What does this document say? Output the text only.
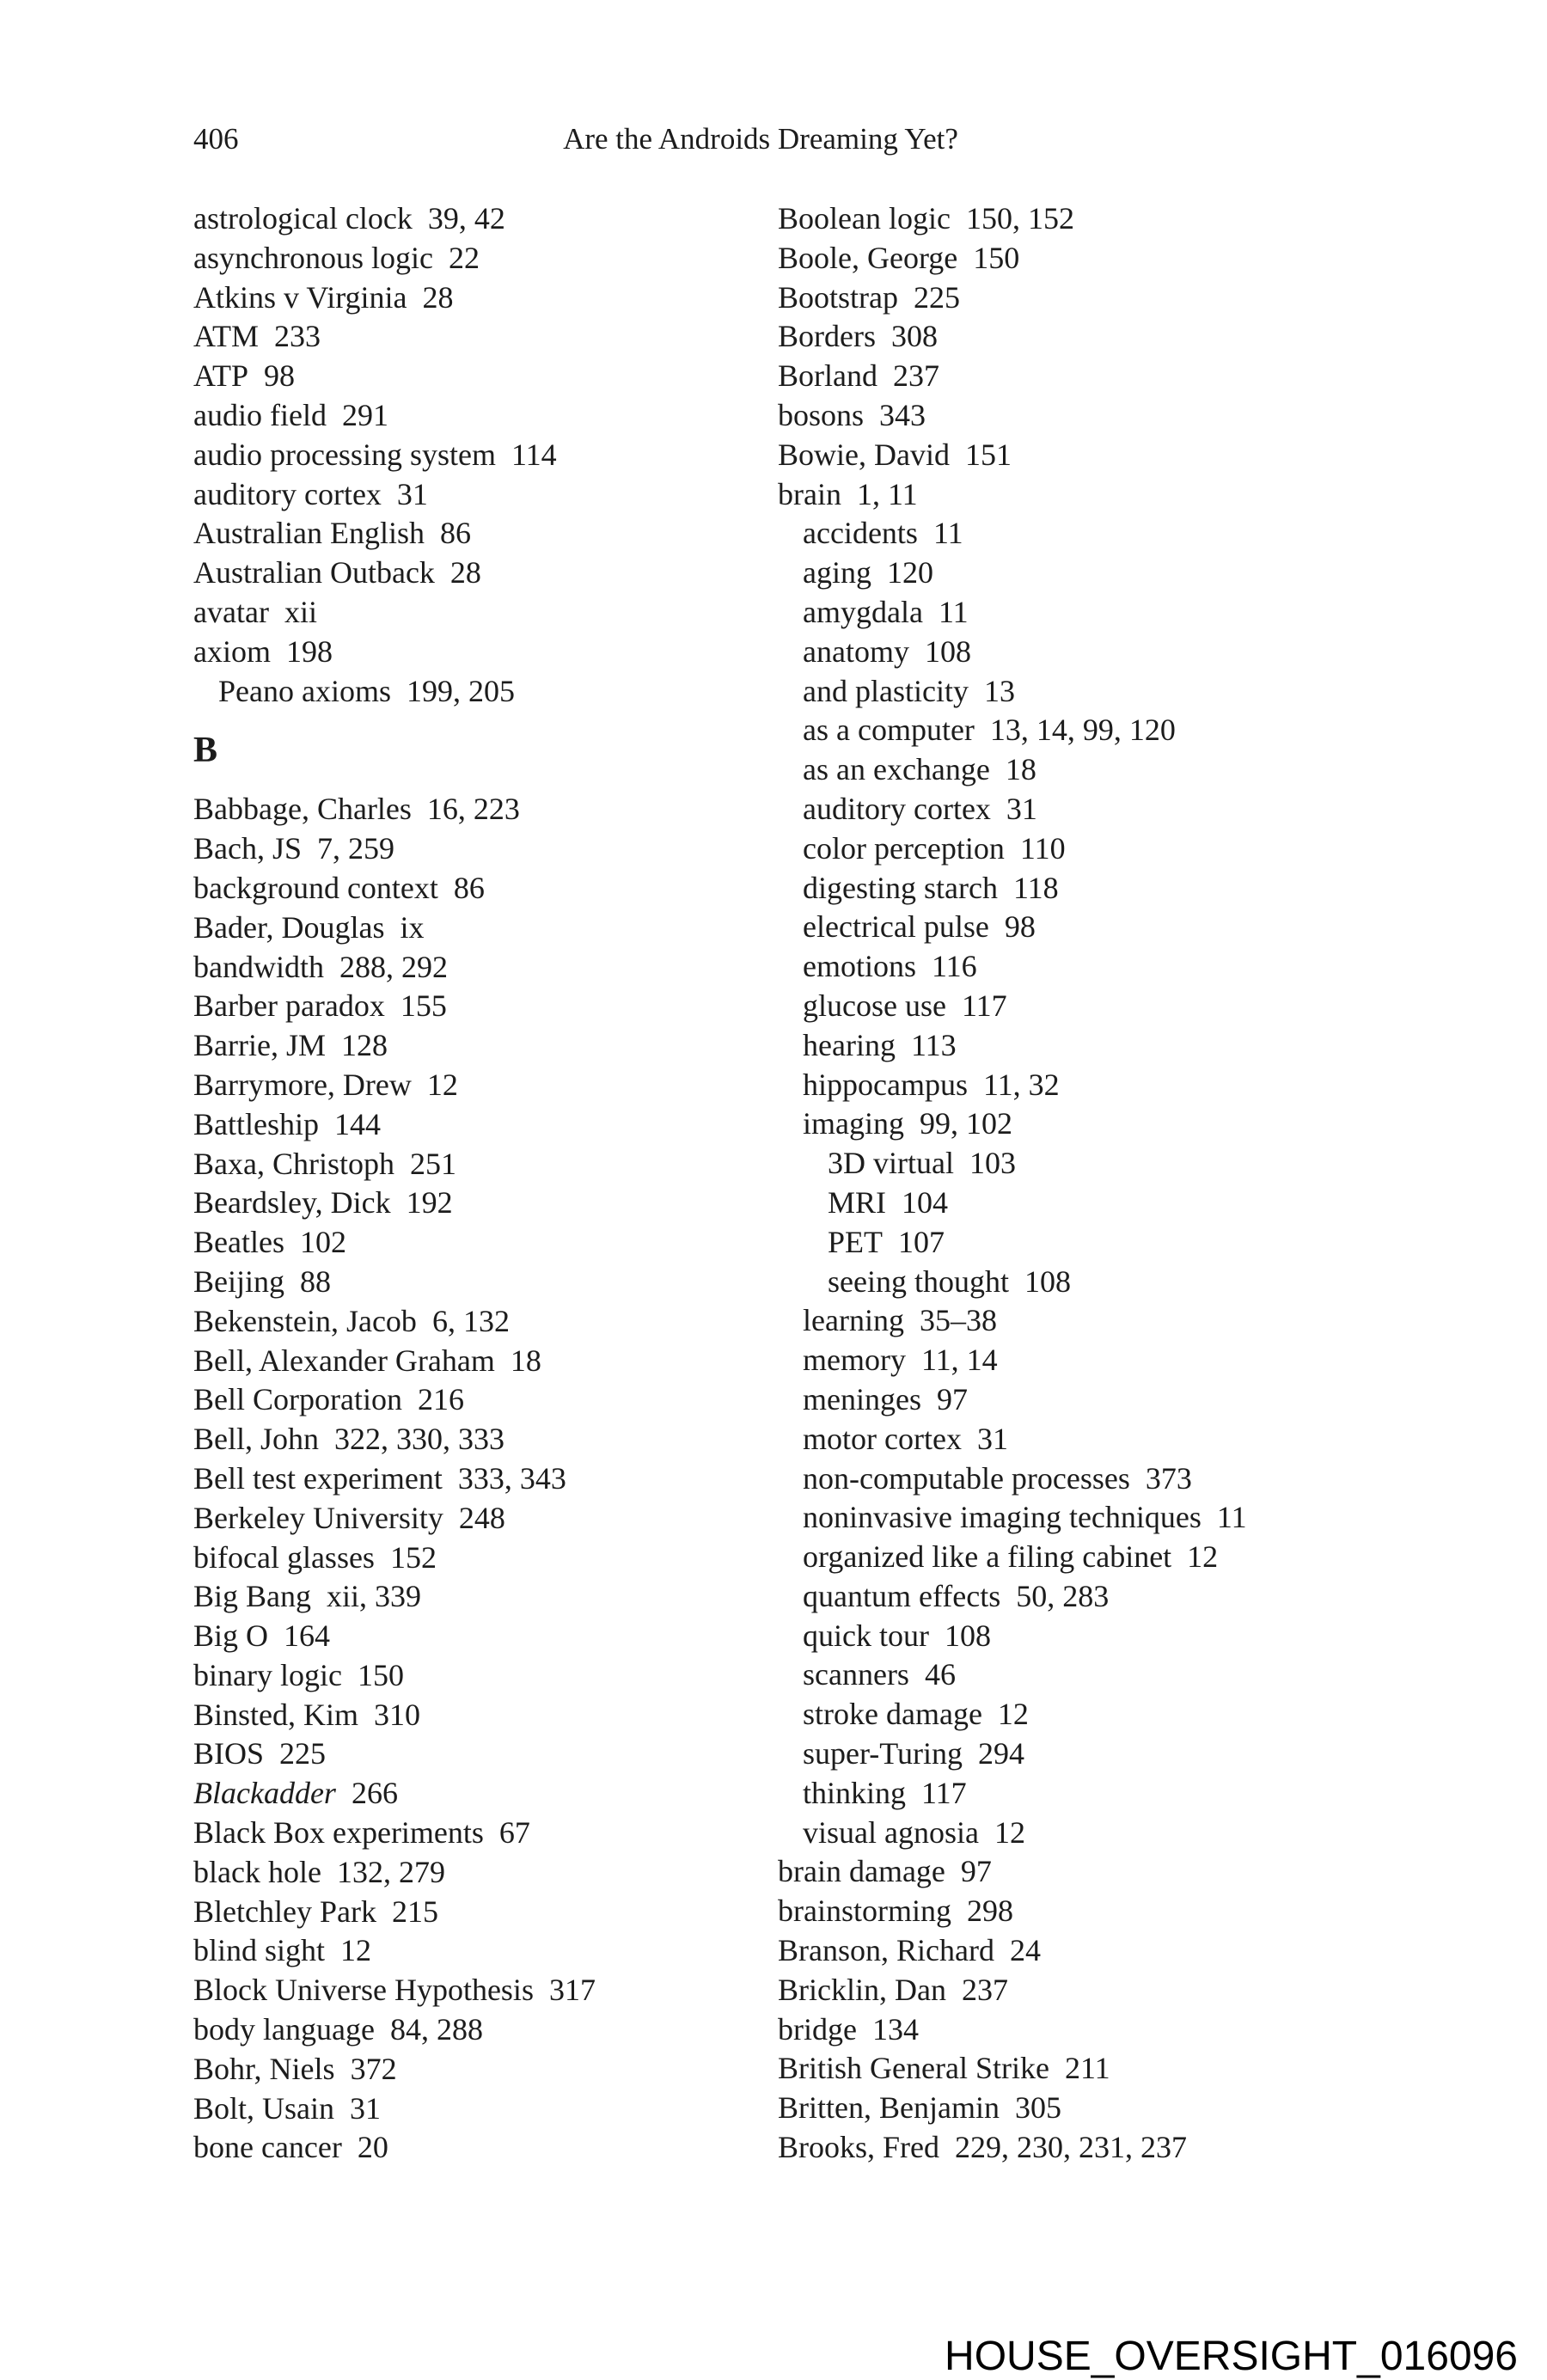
406	Are the Androids Dreaming Yet?
astrological clock  39, 42
asynchronous logic  22
Atkins v Virginia  28
ATM  233
ATP  98
audio field  291
audio processing system  114
auditory cortex  31
Australian English  86
Australian Outback  28
avatar  xii
axiom  198
Peano axioms  199, 205
B
Babbage, Charles  16, 223
Bach, JS  7, 259
background context  86
Bader, Douglas  ix
bandwidth  288, 292
Barber paradox  155
Barrie, JM  128
Barrymore, Drew  12
Battleship  144
Baxa, Christoph  251
Beardsley, Dick  192
Beatles  102
Beijing  88
Bekenstein, Jacob  6, 132
Bell, Alexander Graham  18
Bell Corporation  216
Bell, John  322, 330, 333
Bell test experiment  333, 343
Berkeley University  248
bifocal glasses  152
Big Bang  xii, 339
Big O  164
binary logic  150
Binsted, Kim  310
BIOS  225
Blackadder  266
Black Box experiments  67
black hole  132, 279
Bletchley Park  215
blind sight  12
Block Universe Hypothesis  317
body language  84, 288
Bohr, Niels  372
Bolt, Usain  31
bone cancer  20
Boolean logic  150, 152
Boole, George  150
Bootstrap  225
Borders  308
Borland  237
bosons  343
Bowie, David  151
brain  1, 11
accidents  11
aging  120
amygdala  11
anatomy  108
and plasticity  13
as a computer  13, 14, 99, 120
as an exchange  18
auditory cortex  31
color perception  110
digesting starch  118
electrical pulse  98
emotions  116
glucose use  117
hearing  113
hippocampus  11, 32
imaging  99, 102
3D virtual  103
MRI  104
PET  107
seeing thought  108
learning  35–38
memory  11, 14
meninges  97
motor cortex  31
non-computable processes  373
noninvasive imaging techniques  11
organized like a filing cabinet  12
quantum effects  50, 283
quick tour  108
scanners  46
stroke damage  12
super-Turing  294
thinking  117
visual agnosia  12
brain damage  97
brainstorming  298
Branson, Richard  24
Bricklin, Dan  237
bridge  134
British General Strike  211
Britten, Benjamin  305
Brooks, Fred  229, 230, 231, 237
HOUSE_OVERSIGHT_016096
